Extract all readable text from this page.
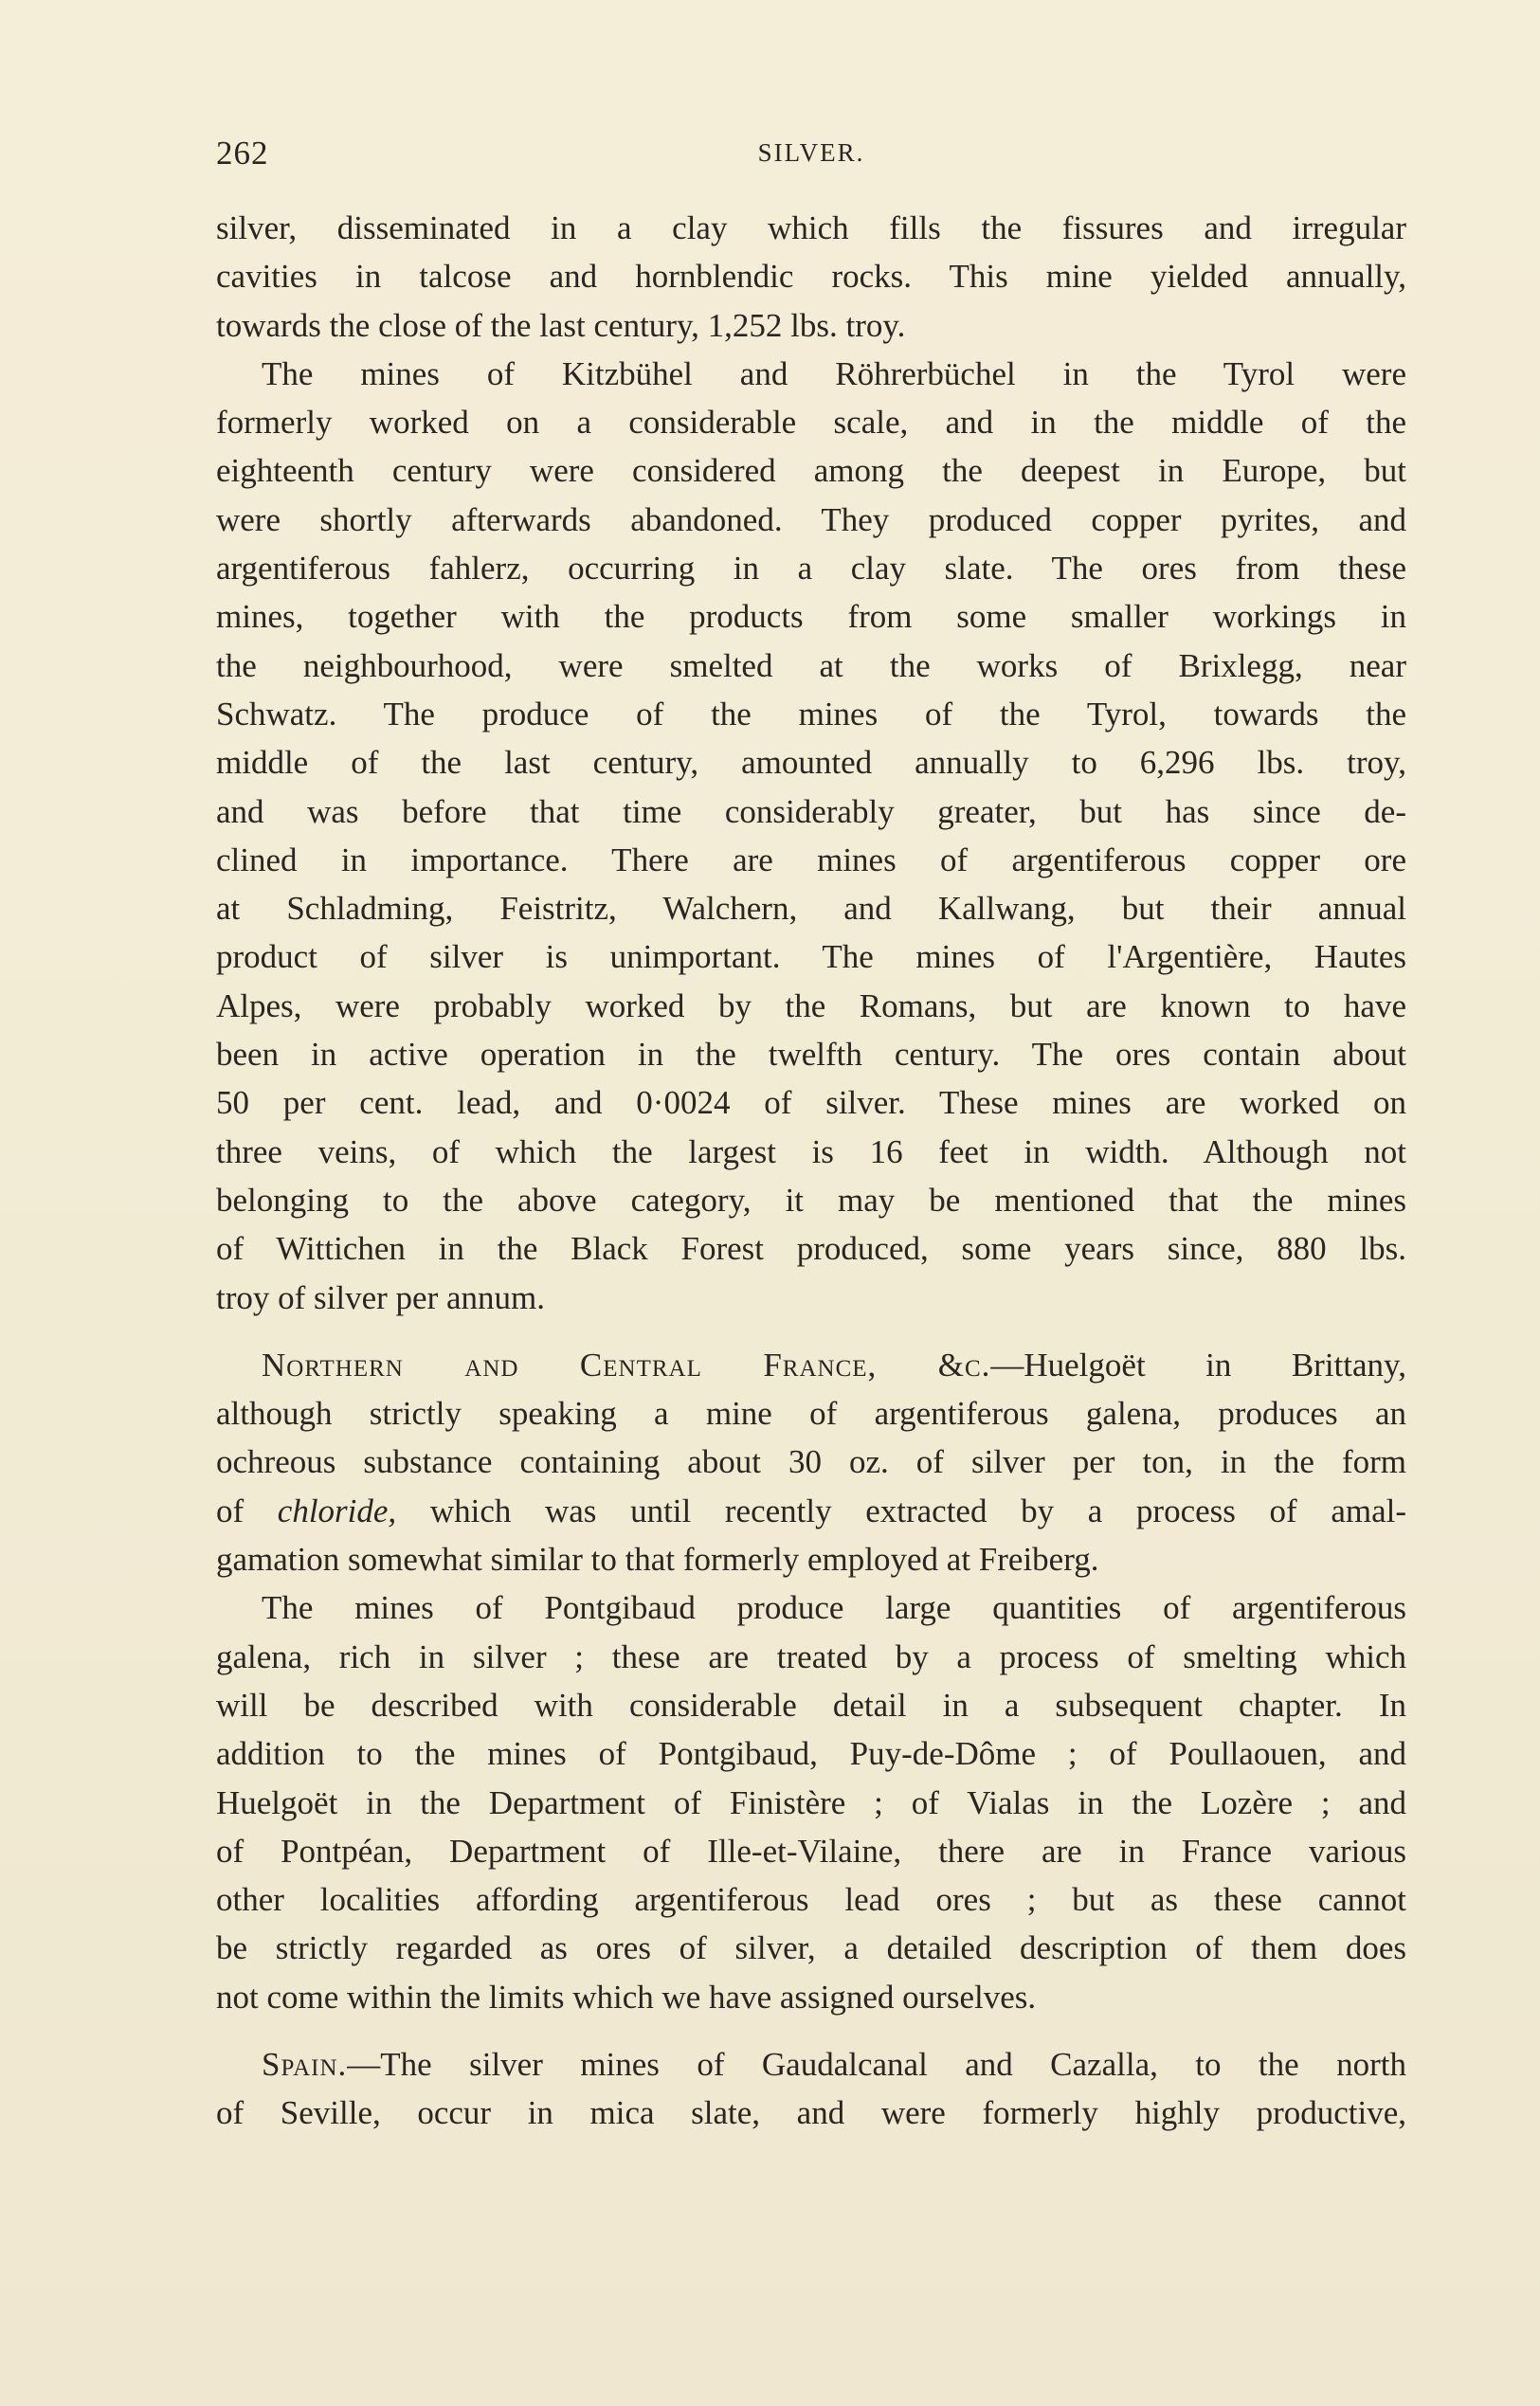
262	SILVER.

silver, disseminated in a clay which fills the fissures and irregular
cavities in talcose and hornblendic rocks. This mine yielded annually,
towards the close of the last century, 1,252 lbs. troy.

The mines of Kitzbühel and Röhrerbüchel in the Tyrol were
formerly worked on a considerable scale, and in the middle of the
eighteenth century were considered among the deepest in Europe, but
were shortly afterwards abandoned. They produced copper pyrites, and
argentiferous fahlerz, occurring in a clay slate. The ores from these
mines, together with the products from some smaller workings in
the neighbourhood, were smelted at the works of Brixlegg, near
Schwatz. The produce of the mines of the Tyrol, towards the
middle of the last century, amounted annually to 6,296 lbs. troy,
and was before that time considerably greater, but has since de-
clined in importance. There are mines of argentiferous copper ore
at Schladming, Feistritz, Walchern, and Kallwang, but their annual
product of silver is unimportant. The mines of l'Argentière, Hautes
Alpes, were probably worked by the Romans, but are known to have
been in active operation in the twelfth century. The ores contain about
50 per cent. lead, and 0·0024 of silver. These mines are worked on
three veins, of which the largest is 16 feet in width. Although not
belonging to the above category, it may be mentioned that the mines
of Wittichen in the Black Forest produced, some years since, 880 lbs.
troy of silver per annum.

Northern and Central France, &c.—Huelgoët in Brittany,
although strictly speaking a mine of argentiferous galena, produces an
ochreous substance containing about 30 oz. of silver per ton, in the form
of chloride, which was until recently extracted by a process of amal-
gamation somewhat similar to that formerly employed at Freiberg.

The mines of Pontgibaud produce large quantities of argentiferous
galena, rich in silver ; these are treated by a process of smelting which
will be described with considerable detail in a subsequent chapter. In
addition to the mines of Pontgibaud, Puy-de-Dôme ; of Poullaouen, and
Huelgoët in the Department of Finistère ; of Vialas in the Lozère ; and
of Pontpéan, Department of Ille-et-Vilaine, there are in France various
other localities affording argentiferous lead ores ; but as these cannot
be strictly regarded as ores of silver, a detailed description of them does
not come within the limits which we have assigned ourselves.

Spain.—The silver mines of Gaudalcanal and Cazalla, to the north
of Seville, occur in mica slate, and were formerly highly productive,
